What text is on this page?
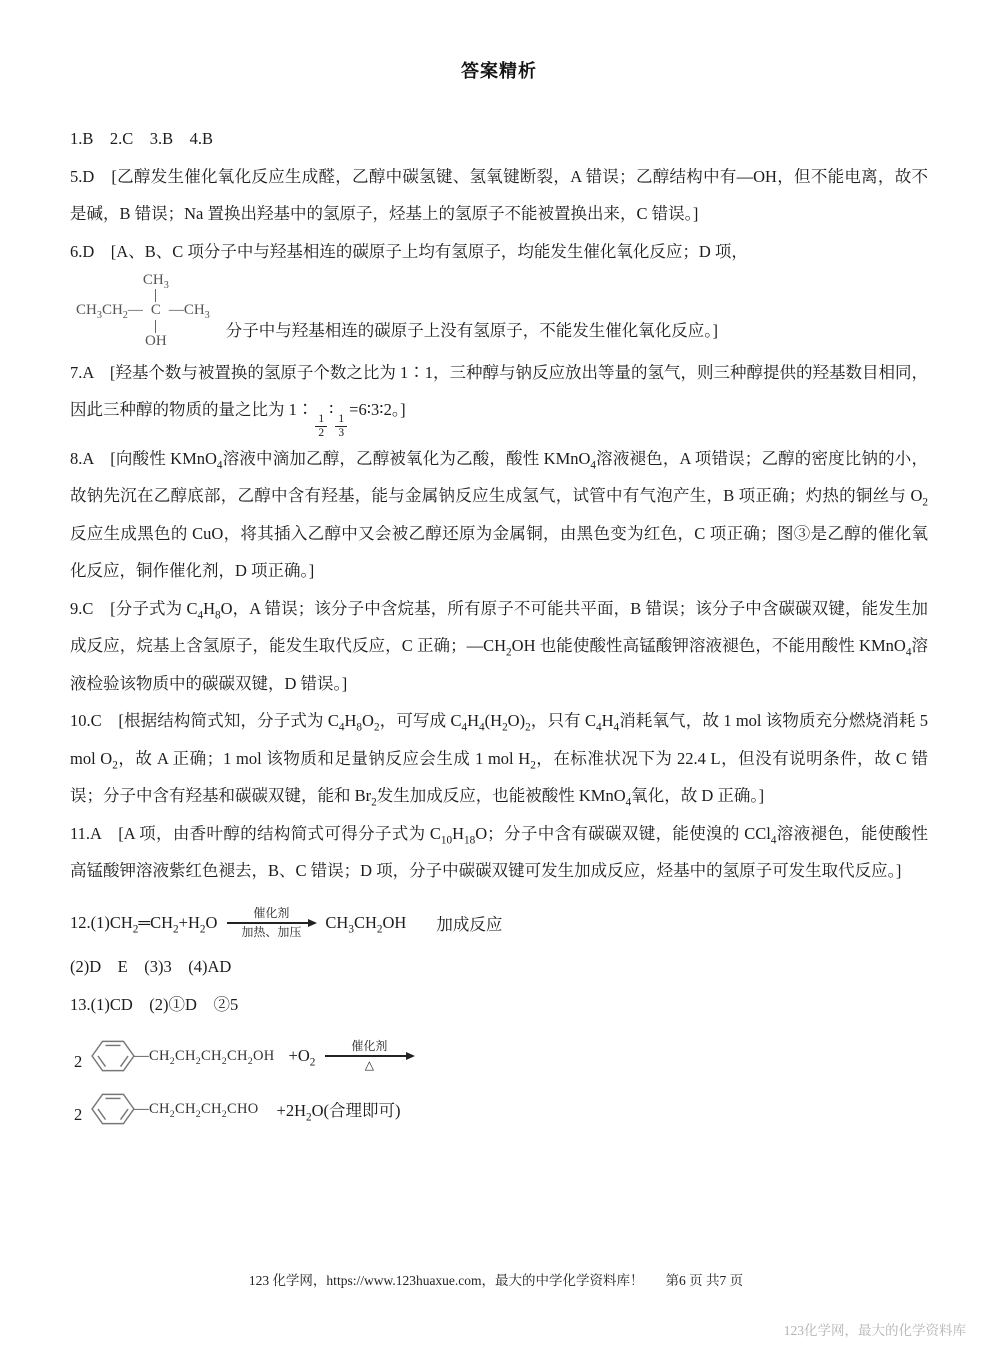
答案精析

1.B　2.C　3.B　4.B

5.D　[乙醇发生催化氧化反应生成醛，乙醇中碳氢键、氢氧键断裂，A 错误；乙醇结构中有—OH，但不能电离，故不是碱，B 错误；Na 置换出羟基中的氢原子，烃基上的氢原子不能被置换出来，C 错误。]

6.D　[A、B、C 项分子中与羟基相连的碳原子上均有氢原子，均能发生催化氧化反应；D 项，

$CH_3$
$CH_3CH_2—$ C $—CH_3$
OH

分子中与羟基相连的碳原子上没有氢原子，不能发生催化氧化反应。]

7.A　[羟基个数与被置换的氢原子个数之比为 1∶1，三种醇与钠反应放出等量的氢气，则三种醇提供的羟基数目相同，因此三种醇的物质的量之比为 1∶
$\frac{1}{2}$
∶
$\frac{1}{3}$
=6∶3∶2。]

8.A　[向酸性 KMnO$_4$溶液中滴加乙醇，乙醇被氧化为乙酸，酸性 KMnO$_4$溶液褪色，A 项错误；乙醇的密度比钠的小，故钠先沉在乙醇底部，乙醇中含有羟基，能与金属钠反应生成氢气，试管中有气泡产生，B 项正确；灼热的铜丝与 $O_2$反应生成黑色的 CuO，将其插入乙醇中又会被乙醇还原为金属铜，由黑色变为红色，C 项正确；图③是乙醇的催化氧化反应，铜作催化剂，D 项正确。]

9.C　[分子式为 $C_4H_8O$，A 错误；该分子中含烷基，所有原子不可能共平面，B 错误；该分子中含碳碳双键，能发生加成反应，烷基上含氢原子，能发生取代反应，C 正确；$—CH_2OH$ 也能使酸性高锰酸钾溶液褪色，不能用酸性 KMnO$_4$溶液检验该物质中的碳碳双键，D 错误。]

10.C　[根据结构简式知，分子式为 $C_4H_8O_2$，可写成 $C_4H_4(H_2O)_2$，只有 $C_4H_4$消耗氧气，故 1 mol 该物质充分燃烧消耗 5 mol $O_2$，故 A 正确；1 mol 该物质和足量钠反应会生成 1 mol $H_2$，在标准状况下为 22.4 L，但没有说明条件，故 C 错误；分子中含有羟基和碳碳双键，能和 $Br_2$发生加成反应，也能被酸性 KMnO$_4$氧化，故 D 正确。]

11.A　[A 项，由香叶醇的结构简式可得分子式为 $C_{10}H_{18}O$；分子中含有碳碳双键，能使溴的 CCl$_4$溶液褪色，能使酸性高锰酸钾溶液紫红色褪去，B、C 错误；D 项，分子中碳碳双键可发生加成反应，烃基中的氢原子可发生取代反应。]

$12.(1)CH_2═CH_2+H_2O$
催化剂
加热、加压	$CH_3CH_2OH$ 加成反应

(2)D　E　(3)3　(4)AD

13.(1)CD　(2)①D　②5

2	$—CH_2CH_2CH_2CH_2OH +O_2$
催化剂
△
2	$—CH_2CH_2CH_2CHO +2H_2O$(合理即可)
123 化学网，https://www.123huaxue.com，最大的中学化学资料库！ 第6 页 共7 页
123化学网，最大的化学资料库
